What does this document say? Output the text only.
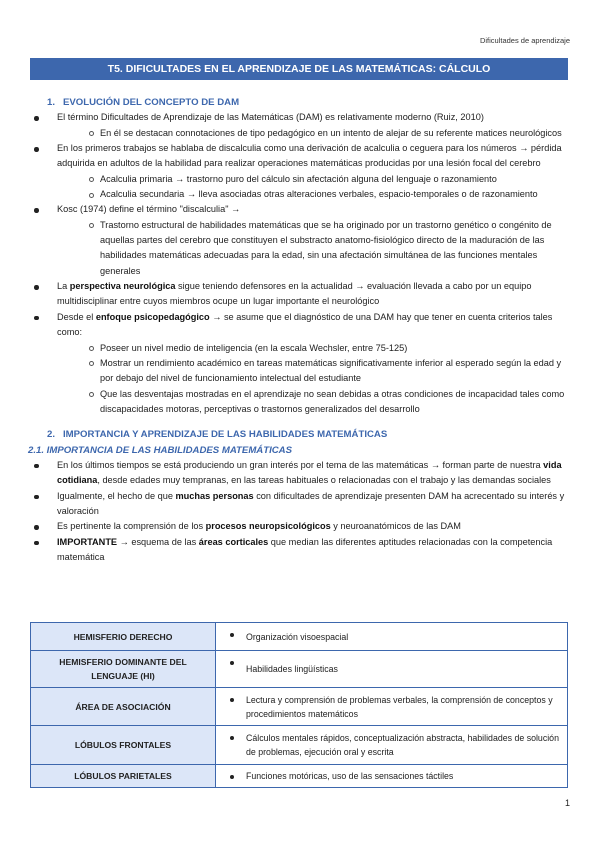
Dificultades de aprendizaje
T5. DIFICULTADES EN EL APRENDIZAJE DE LAS MATEMÁTICAS: CÁLCULO
1. EVOLUCIÓN DEL CONCEPTO DE DAM
El término Dificultades de Aprendizaje de las Matemáticas (DAM) es relativamente moderno (Ruiz, 2010)
En él se destacan connotaciones de tipo pedagógico en un intento de alejar de su referente matices neurológicos
En los primeros trabajos se hablaba de discalculia como una derivación de acalculia o ceguera para los números → pérdida adquirida en adultos de la habilidad para realizar operaciones matemáticas producidas por una lesión focal del cerebro
Acalculia primaria → trastorno puro del cálculo sin afectación alguna del lenguaje o razonamiento
Acalculia secundaria → lleva asociadas otras alteraciones verbales, espacio-temporales o de razonamiento
Kosc (1974) define el término "discalculia" →
Trastorno estructural de habilidades matemáticas que se ha originado por un trastorno genético o congénito de aquellas partes del cerebro que constituyen el substracto anatomo-fisiológico directo de la maduración de las habilidades matemáticas adecuadas para la edad, sin una afectación simultánea de las funciones mentales generales
La perspectiva neurológica sigue teniendo defensores en la actualidad → evaluación llevada a cabo por un equipo multidisciplinar entre cuyos miembros ocupe un lugar importante el neurológico
Desde el enfoque psicopedagógico → se asume que el diagnóstico de una DAM hay que tener en cuenta criterios tales como:
Poseer un nivel medio de inteligencia (en la escala Wechsler, entre 75-125)
Mostrar un rendimiento académico en tareas matemáticas significativamente inferior al esperado según la edad y por debajo del nivel de funcionamiento intelectual del estudiante
Que las desventajas mostradas en el aprendizaje no sean debidas a otras condiciones de incapacidad tales como discapacidades motoras, perceptivas o trastornos generalizados del desarrollo
2. IMPORTANCIA Y APRENDIZAJE DE LAS HABILIDADES MATEMÁTICAS
2.1. IMPORTANCIA DE LAS HABILIDADES MATEMÁTICAS
En los últimos tiempos se está produciendo un gran interés por el tema de las matemáticas → forman parte de nuestra vida cotidiana, desde edades muy tempranas, en las tareas habituales o relacionadas con el trabajo y las demandas sociales
Igualmente, el hecho de que muchas personas con dificultades de aprendizaje presenten DAM ha acrecentado su interés y valoración
Es pertinente la comprensión de los procesos neuropsicológicos y neuroanatómicos de las DAM
IMPORTANTE → esquema de las áreas corticales que median las diferentes aptitudes relacionadas con la competencia matemática
HEMISFERIO DERECHO	Organización visoespacial
HEMISFERIO DOMINANTE DEL LENGUAJE (HI)	Habilidades lingüísticas
ÁREA DE ASOCIACIÓN	Lectura y comprensión de problemas verbales, la comprensión de conceptos y procedimientos matemáticos
LÓBULOS FRONTALES	Cálculos mentales rápidos, conceptualización abstracta, habilidades de solución de problemas, ejecución oral y escrita
LÓBULOS PARIETALES	Funciones motóricas, uso de las sensaciones táctiles
1
